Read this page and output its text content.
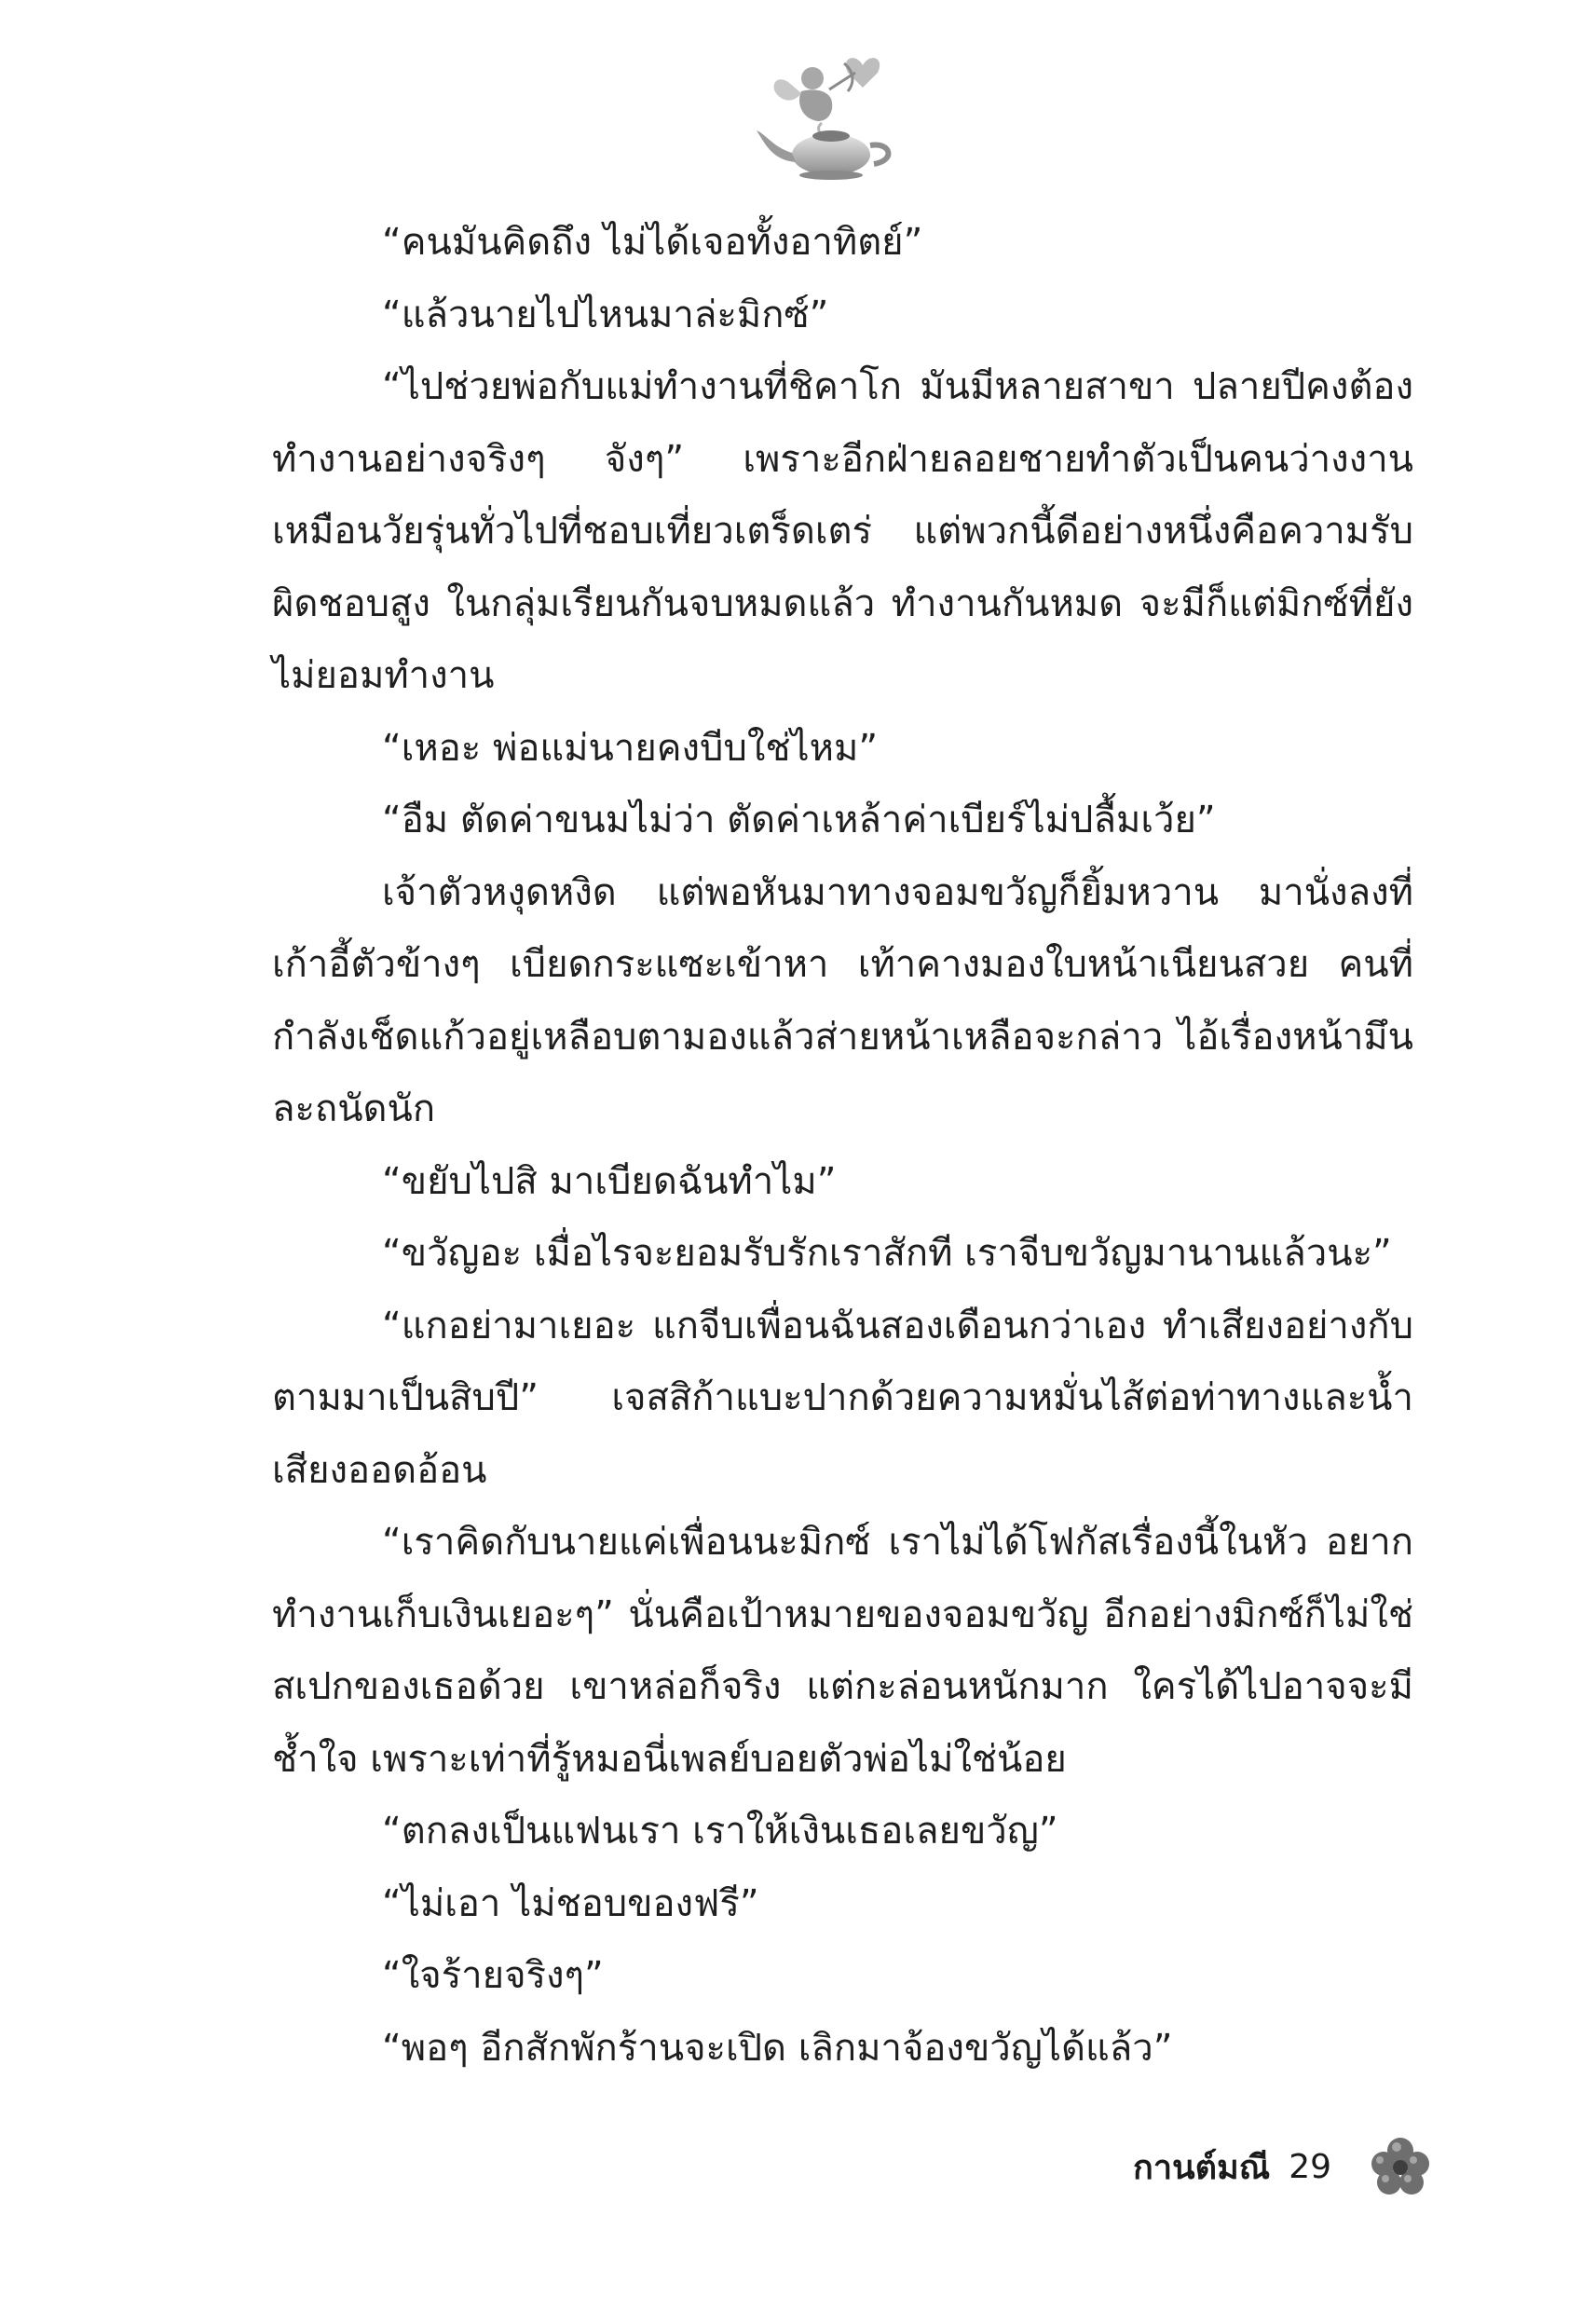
“คนมันคิดถึง ไม่ได้เจอทั้งอาทิตย์”

“แล้วนายไปไหนมาล่ะมิกซ์”

“ไปช่วยพ่อกับแม่ทำงานที่ชิคาโก มันมีหลายสาขา ปลายปีคงต้องทำงานอย่างจริงๆ จังๆ” เพราะอีกฝ่ายลอยชายทำตัวเป็นคนว่างงานเหมือนวัยรุ่นทั่วไปที่ชอบเที่ยวเตร็ดเตร่ แต่พวกนี้ดีอย่างหนึ่งคือความรับผิดชอบสูง ในกลุ่มเรียนกันจบหมดแล้ว ทำงานกันหมด จะมีก็แต่มิกซ์ที่ยังไม่ยอมทำงาน

“เหอะ พ่อแม่นายคงบีบใช่ไหม”

“อืม ตัดค่าขนมไม่ว่า ตัดค่าเหล้าค่าเบียร์ไม่ปลื้มเว้ย”

เจ้าตัวหงุดหงิด แต่พอหันมาทางจอมขวัญก็ยิ้มหวาน มานั่งลงที่เก้าอี้ตัวข้างๆ เบียดกระแซะเข้าหา เท้าคางมองใบหน้าเนียนสวย คนที่กำลังเช็ดแก้วอยู่เหลือบตามองแล้วส่ายหน้าเหลือจะกล่าว ไอ้เรื่องหน้ามึนละถนัดนัก

“ขยับไปสิ มาเบียดฉันทำไม”

“ขวัญอะ เมื่อไรจะยอมรับรักเราสักที เราจีบขวัญมานานแล้วนะ”

“แกอย่ามาเยอะ แกจีบเพื่อนฉันสองเดือนกว่าเอง ทำเสียงอย่างกับตามมาเป็นสิบปี” เจสสิก้าแบะปากด้วยความหมั่นไส้ต่อท่าทางและน้ำเสียงออดอ้อน

“เราคิดกับนายแค่เพื่อนนะมิกซ์ เราไม่ได้โฟกัสเรื่องนี้ในหัว อยากทำงานเก็บเงินเยอะๆ” นั่นคือเป้าหมายของจอมขวัญ อีกอย่างมิกซ์ก็ไม่ใช่สเปกของเธอด้วย เขาหล่อก็จริง แต่กะล่อนหนักมาก ใครได้ไปอาจจะมีช้ำใจ เพราะเท่าที่รู้หมอนี่เพลย์บอยตัวพ่อไม่ใช่น้อย

“ตกลงเป็นแฟนเรา เราให้เงินเธอเลยขวัญ”

“ไม่เอา ไม่ชอบของฟรี”

“ใจร้ายจริงๆ”

“พอๆ อีกสักพักร้านจะเปิด เลิกมาจ้องขวัญได้แล้ว”

กานต์มณี 29
